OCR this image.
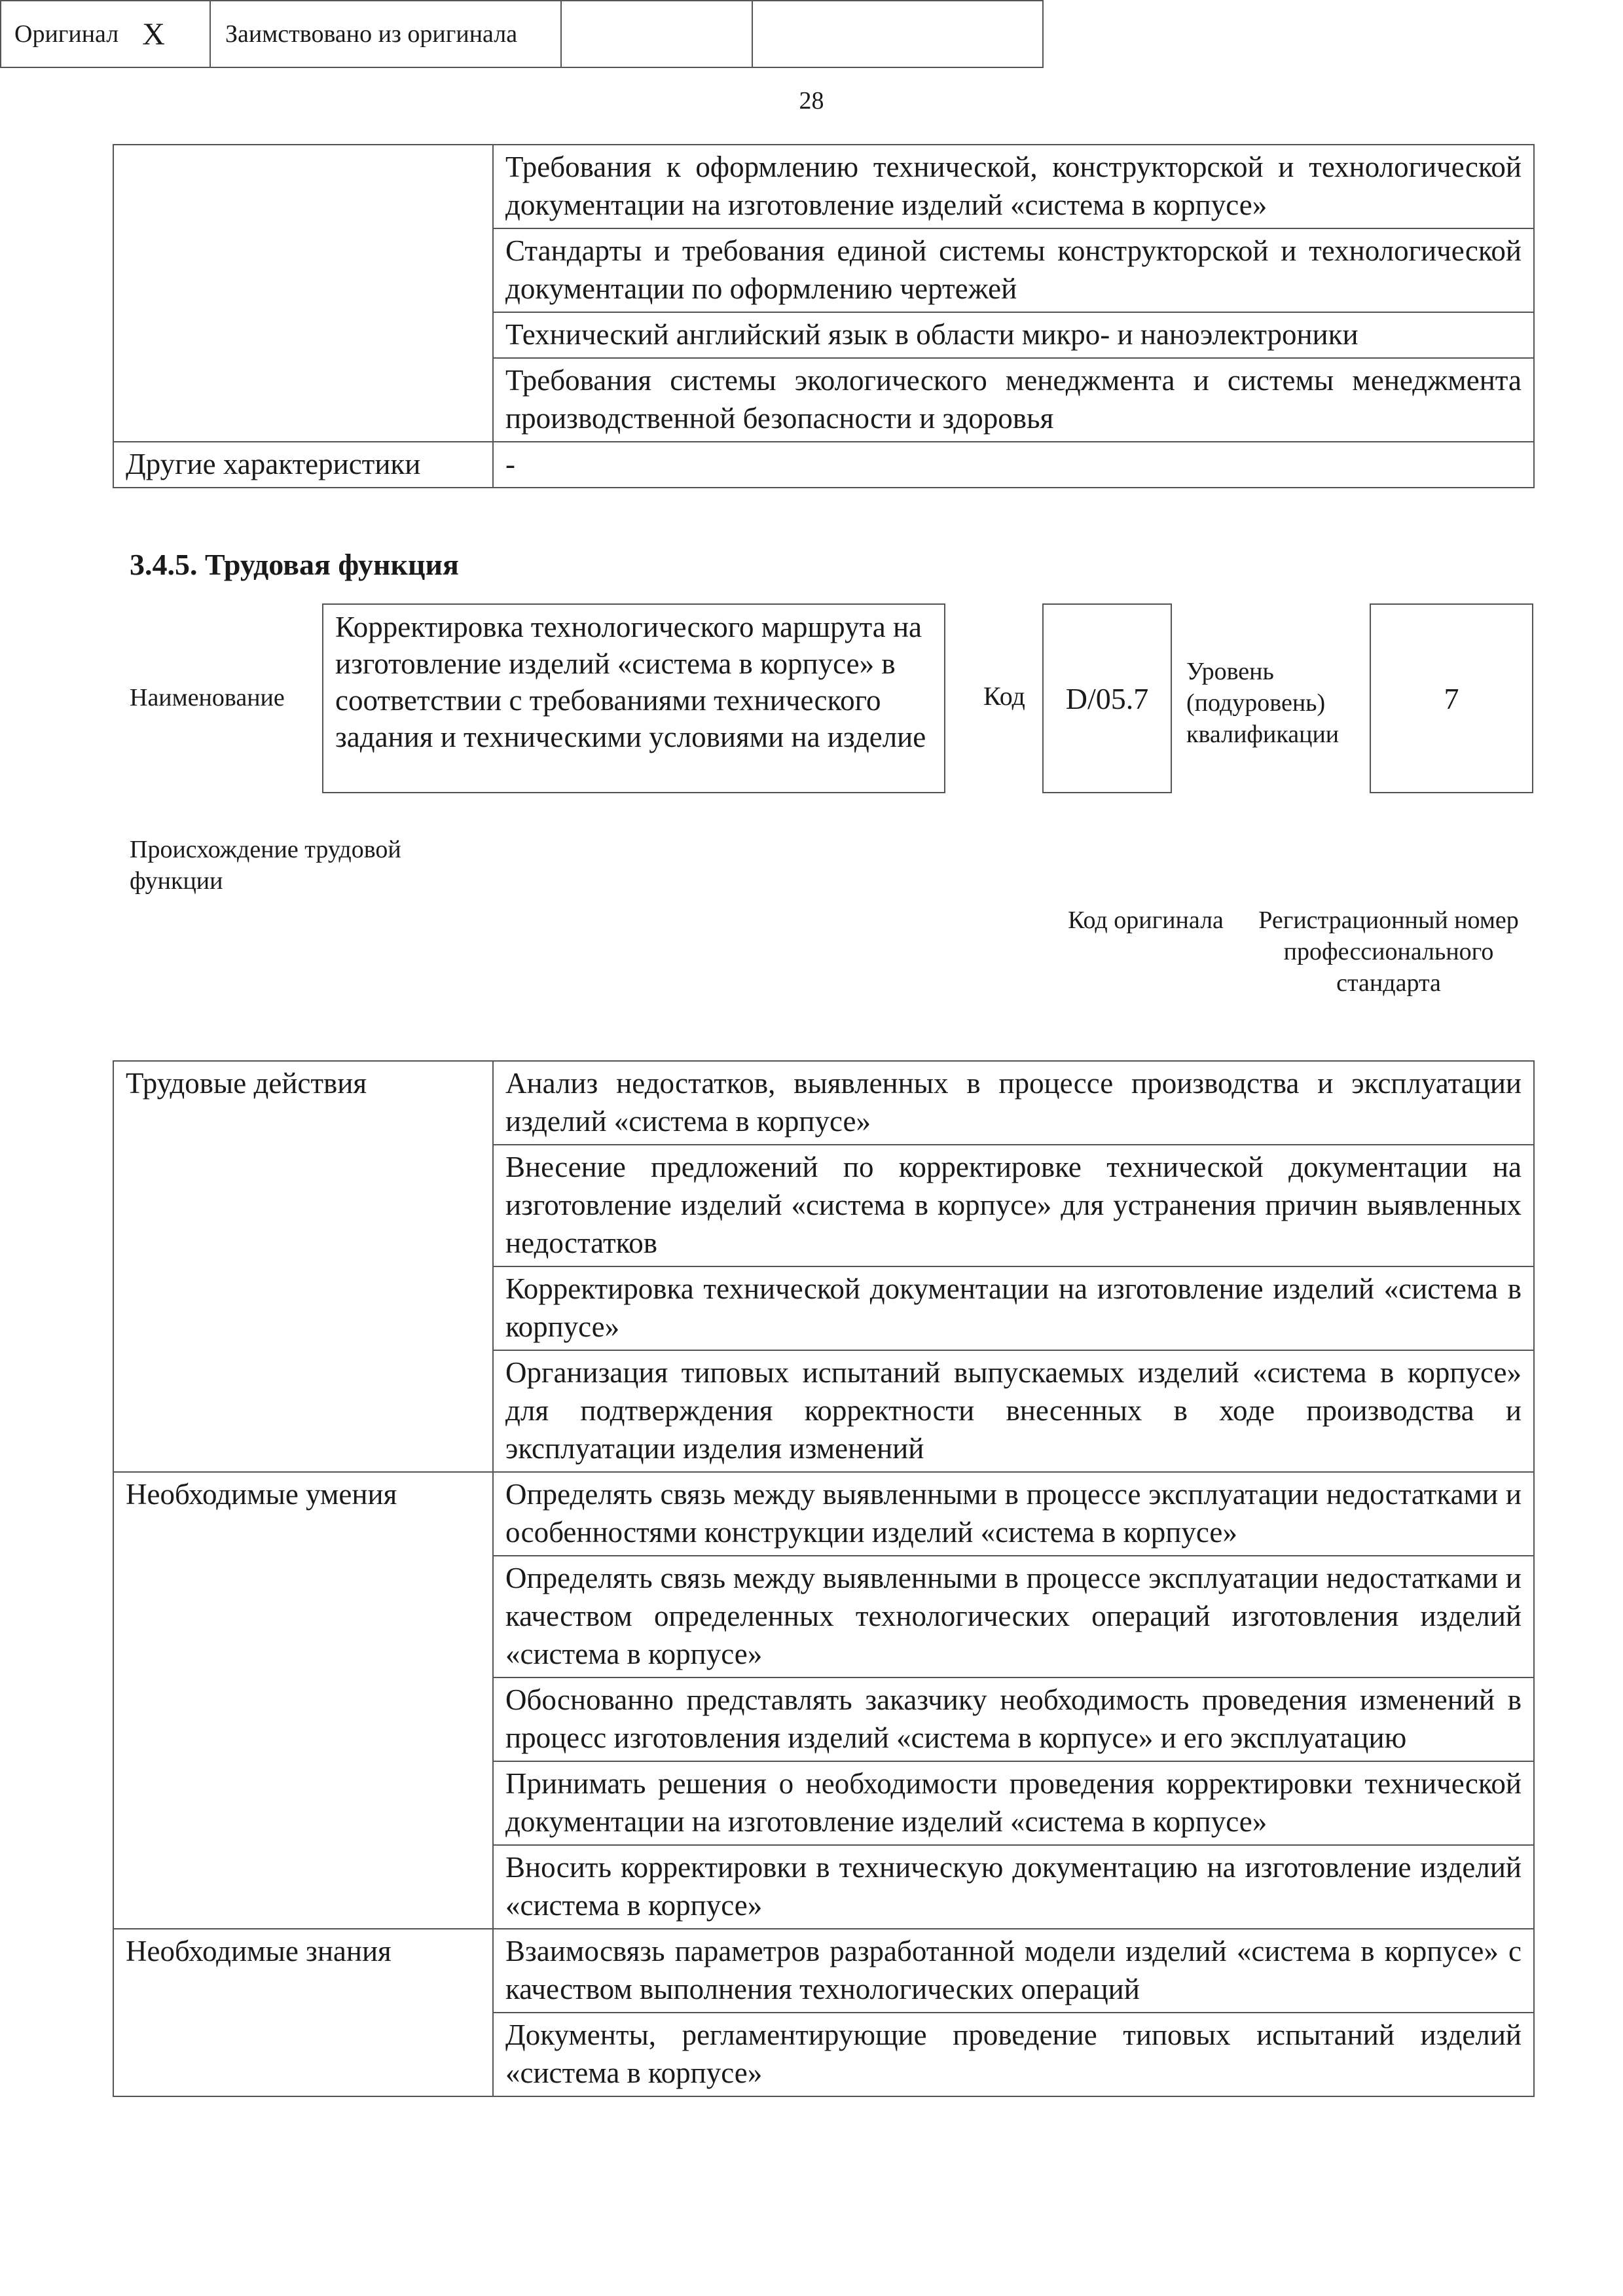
28
	Требования к оформлению технической, конструкторской и технологической документации на изготовление изделий «система в корпусе»
	Стандарты и требования единой системы конструкторской и технологической документации по оформлению чертежей
	Технический английский язык в области микро- и наноэлектроники
	Требования системы экологического менеджмента и системы менеджмента производственной безопасности и здоровья
Другие характеристики	-
3.4.5. Трудовая функция
Наименование
Корректировка технологического маршрута на изготовление изделий «система в корпусе» в соответствии с требованиями технического задания и техническими условиями на изделие
Код D/05.7
Уровень (подуровень) квалификации
7
Происхождение трудовой функции
Оригинал X Заимствовано из оригинала
Код оригинала	Регистрационный номер профессионального стандарта
Трудовые действия	Анализ недостатков, выявленных в процессе производства и эксплуатации изделий «система в корпусе»
	Внесение предложений по корректировке технической документации на изготовление изделий «система в корпусе» для устранения причин выявленных недостатков
	Корректировка технической документации на изготовление изделий «система в корпусе»
	Организация типовых испытаний выпускаемых изделий «система в корпусе» для подтверждения корректности внесенных в ходе производства и эксплуатации изделия изменений
Необходимые умения	Определять связь между выявленными в процессе эксплуатации недостатками и особенностями конструкции изделий «система в корпусе»
	Определять связь между выявленными в процессе эксплуатации недостатками и качеством определенных технологических операций изготовления изделий «система в корпусе»
	Обоснованно представлять заказчику необходимость проведения изменений в процесс изготовления изделий «система в корпусе» и его эксплуатацию
	Принимать решения о необходимости проведения корректировки технической документации на изготовление изделий «система в корпусе»
	Вносить корректировки в техническую документацию на изготовление изделий «система в корпусе»
Необходимые знания	Взаимосвязь параметров разработанной модели изделий «система в корпусе» с качеством выполнения технологических операций
	Документы, регламентирующие проведение типовых испытаний изделий «система в корпусе»
